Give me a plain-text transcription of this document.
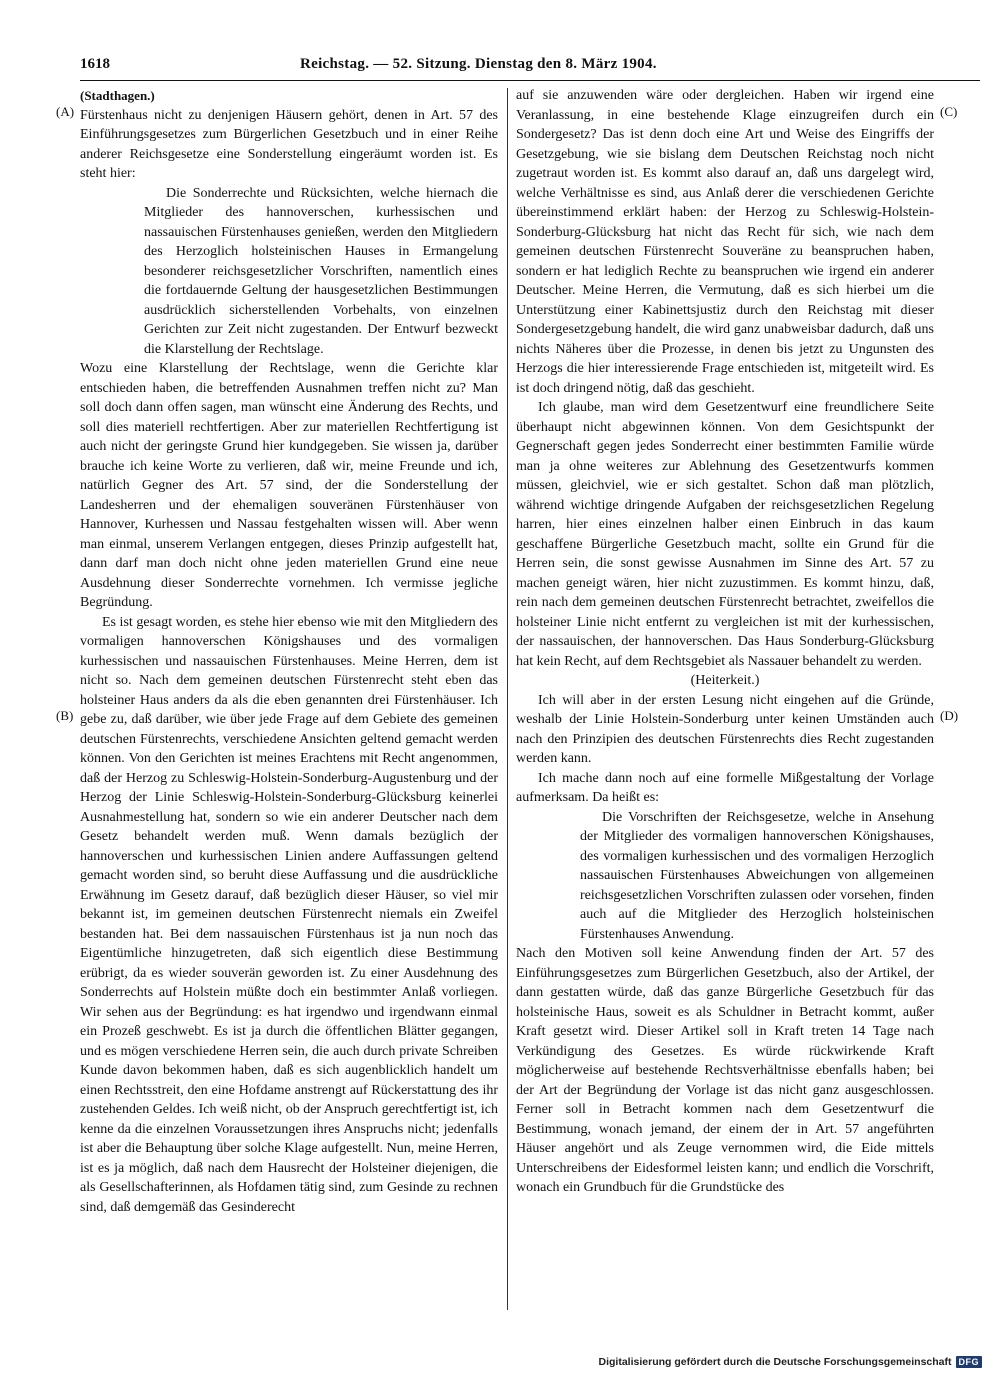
1618	Reichstag. — 52. Sitzung. Dienstag den 8. März 1904.
(A)
(B)
(C)
(D)

(Stadthagen.)

Fürstenhaus nicht zu denjenigen Häusern gehört, denen in Art. 57 des Einführungsgesetzes zum Bürgerlichen Gesetzbuch und in einer Reihe anderer Reichsgesetze eine Sonderstellung eingeräumt worden ist. Es steht hier:

Die Sonderrechte und Rücksichten, welche hiernach die Mitglieder des hannoverschen, kurhessischen und nassauischen Fürstenhauses genießen, werden den Mitgliedern des Herzoglich holsteinischen Hauses in Ermangelung besonderer reichsgesetzlicher Vorschriften, namentlich eines die fortdauernde Geltung der hausgesetzlichen Bestimmungen ausdrücklich sicherstellenden Vorbehalts, von einzelnen Gerichten zur Zeit nicht zugestanden. Der Entwurf bezweckt die Klarstellung der Rechtslage.

Wozu eine Klarstellung der Rechtslage, wenn die Gerichte klar entschieden haben, die betreffenden Ausnahmen treffen nicht zu? Man soll doch dann offen sagen, man wünscht eine Änderung des Rechts, und soll dies materiell rechtfertigen. Aber zur materiellen Rechtfertigung ist auch nicht der geringste Grund hier kundgegeben. Sie wissen ja, darüber brauche ich keine Worte zu verlieren, daß wir, meine Freunde und ich, natürlich Gegner des Art. 57 sind, der die Sonderstellung der Landesherren und der ehemaligen souveränen Fürstenhäuser von Hannover, Kurhessen und Nassau festgehalten wissen will. Aber wenn man einmal, unserem Verlangen entgegen, dieses Prinzip aufgestellt hat, dann darf man doch nicht ohne jeden materiellen Grund eine neue Ausdehnung dieser Sonderrechte vornehmen. Ich vermisse jegliche Begründung.

Es ist gesagt worden, es stehe hier ebenso wie mit den Mitgliedern des vormaligen hannoverschen Königshauses und des vormaligen kurhessischen und nassauischen Fürstenhauses. Meine Herren, dem ist nicht so. Nach dem gemeinen deutschen Fürstenrecht steht eben das holsteiner Haus anders da als die eben genannten drei Fürstenhäuser. Ich gebe zu, daß darüber, wie über jede Frage auf dem Gebiete des gemeinen deutschen Fürstenrechts, verschiedene Ansichten geltend gemacht werden können. Von den Gerichten ist meines Erachtens mit Recht angenommen, daß der Herzog zu Schleswig-Holstein-Sonderburg-Augustenburg und der Herzog der Linie Schleswig-Holstein-Sonderburg-Glücksburg keinerlei Ausnahmestellung hat, sondern so wie ein anderer Deutscher nach dem Gesetz behandelt werden muß. Wenn damals bezüglich der hannoverschen und kurhessischen Linien andere Auffassungen geltend gemacht worden sind, so beruht diese Auffassung und die ausdrückliche Erwähnung im Gesetz darauf, daß bezüglich dieser Häuser, so viel mir bekannt ist, im gemeinen deutschen Fürstenrecht niemals ein Zweifel bestanden hat. Bei dem nassauischen Fürstenhaus ist ja nun noch das Eigentümliche hinzugetreten, daß sich eigentlich diese Bestimmung erübrigt, da es wieder souverän geworden ist. Zu einer Ausdehnung des Sonderrechts auf Holstein müßte doch ein bestimmter Anlaß vorliegen. Wir sehen aus der Begründung: es hat irgendwo und irgendwann einmal ein Prozeß geschwebt. Es ist ja durch die öffentlichen Blätter gegangen, und es mögen verschiedene Herren sein, die auch durch private Schreiben Kunde davon bekommen haben, daß es sich augenblicklich handelt um einen Rechtsstreit, den eine Hofdame anstrengt auf Rückerstattung des ihr zustehenden Geldes. Ich weiß nicht, ob der Anspruch gerechtfertigt ist, ich kenne da die einzelnen Voraussetzungen ihres Anspruchs nicht; jedenfalls ist aber die Behauptung über solche Klage aufgestellt. Nun, meine Herren, ist es ja möglich, daß nach dem Hausrecht der Holsteiner diejenigen, die als Gesellschafterinnen, als Hofdamen tätig sind, zum Gesinde zu rechnen sind, daß demgemäß das Gesinderecht

auf sie anzuwenden wäre oder dergleichen. Haben wir irgend eine Veranlassung, in eine bestehende Klage einzugreifen durch ein Sondergesetz? Das ist denn doch eine Art und Weise des Eingriffs der Gesetzgebung, wie sie bislang dem Deutschen Reichstag noch nicht zugetraut worden ist. Es kommt also darauf an, daß uns dargelegt wird, welche Verhältnisse es sind, aus Anlaß derer die verschiedenen Gerichte übereinstimmend erklärt haben: der Herzog zu Schleswig-Holstein-Sonderburg-Glücksburg hat nicht das Recht für sich, wie nach dem gemeinen deutschen Fürstenrecht Souveräne zu beanspruchen haben, sondern er hat lediglich Rechte zu beanspruchen wie irgend ein anderer Deutscher. Meine Herren, die Vermutung, daß es sich hierbei um die Unterstützung einer Kabinettsjustiz durch den Reichstag mit dieser Sondergesetzgebung handelt, die wird ganz unabweisbar dadurch, daß uns nichts Näheres über die Prozesse, in denen bis jetzt zu Ungunsten des Herzogs die hier interessierende Frage entschieden ist, mitgeteilt wird. Es ist doch dringend nötig, daß das geschieht.

Ich glaube, man wird dem Gesetzentwurf eine freundlichere Seite überhaupt nicht abgewinnen können. Von dem Gesichtspunkt der Gegnerschaft gegen jedes Sonderrecht einer bestimmten Familie würde man ja ohne weiteres zur Ablehnung des Gesetzentwurfs kommen müssen, gleichviel, wie er sich gestaltet. Schon daß man plötzlich, während wichtige dringende Aufgaben der reichsgesetzlichen Regelung harren, hier eines einzelnen halber einen Einbruch in das kaum geschaffene Bürgerliche Gesetzbuch macht, sollte ein Grund für die Herren sein, die sonst gewisse Ausnahmen im Sinne des Art. 57 zu machen geneigt wären, hier nicht zuzustimmen. Es kommt hinzu, daß, rein nach dem gemeinen deutschen Fürstenrecht betrachtet, zweifellos die holsteiner Linie nicht entfernt zu vergleichen ist mit der kurhessischen, der nassauischen, der hannoverschen. Das Haus Sonderburg-Glücksburg hat kein Recht, auf dem Rechtsgebiet als Nassauer behandelt zu werden.

(Heiterkeit.)

Ich will aber in der ersten Lesung nicht eingehen auf die Gründe, weshalb der Linie Holstein-Sonderburg unter keinen Umständen auch nach den Prinzipien des deutschen Fürstenrechts dies Recht zugestanden werden kann.

Ich mache dann noch auf eine formelle Mißgestaltung der Vorlage aufmerksam. Da heißt es:

Die Vorschriften der Reichsgesetze, welche in Ansehung der Mitglieder des vormaligen hannoverschen Königshauses, des vormaligen kurhessischen und des vormaligen Herzoglich nassauischen Fürstenhauses Abweichungen von allgemeinen reichsgesetzlichen Vorschriften zulassen oder vorsehen, finden auch auf die Mitglieder des Herzoglich holsteinischen Fürstenhauses Anwendung.

Nach den Motiven soll keine Anwendung finden der Art. 57 des Einführungsgesetzes zum Bürgerlichen Gesetzbuch, also der Artikel, der dann gestatten würde, daß das ganze Bürgerliche Gesetzbuch für das holsteinische Haus, soweit es als Schuldner in Betracht kommt, außer Kraft gesetzt wird. Dieser Artikel soll in Kraft treten 14 Tage nach Verkündigung des Gesetzes. Es würde rückwirkende Kraft möglicherweise auf bestehende Rechtsverhältnisse ebenfalls haben; bei der Art der Begründung der Vorlage ist das nicht ganz ausgeschlossen. Ferner soll in Betracht kommen nach dem Gesetzentwurf die Bestimmung, wonach jemand, der einem der in Art. 57 angeführten Häuser angehört und als Zeuge vernommen wird, die Eide mittels Unterschreibens der Eidesformel leisten kann; und endlich die Vorschrift, wonach ein Grundbuch für die Grundstücke des

Digitalisierung gefördert durch die Deutsche Forschungsgemeinschaft DFG
